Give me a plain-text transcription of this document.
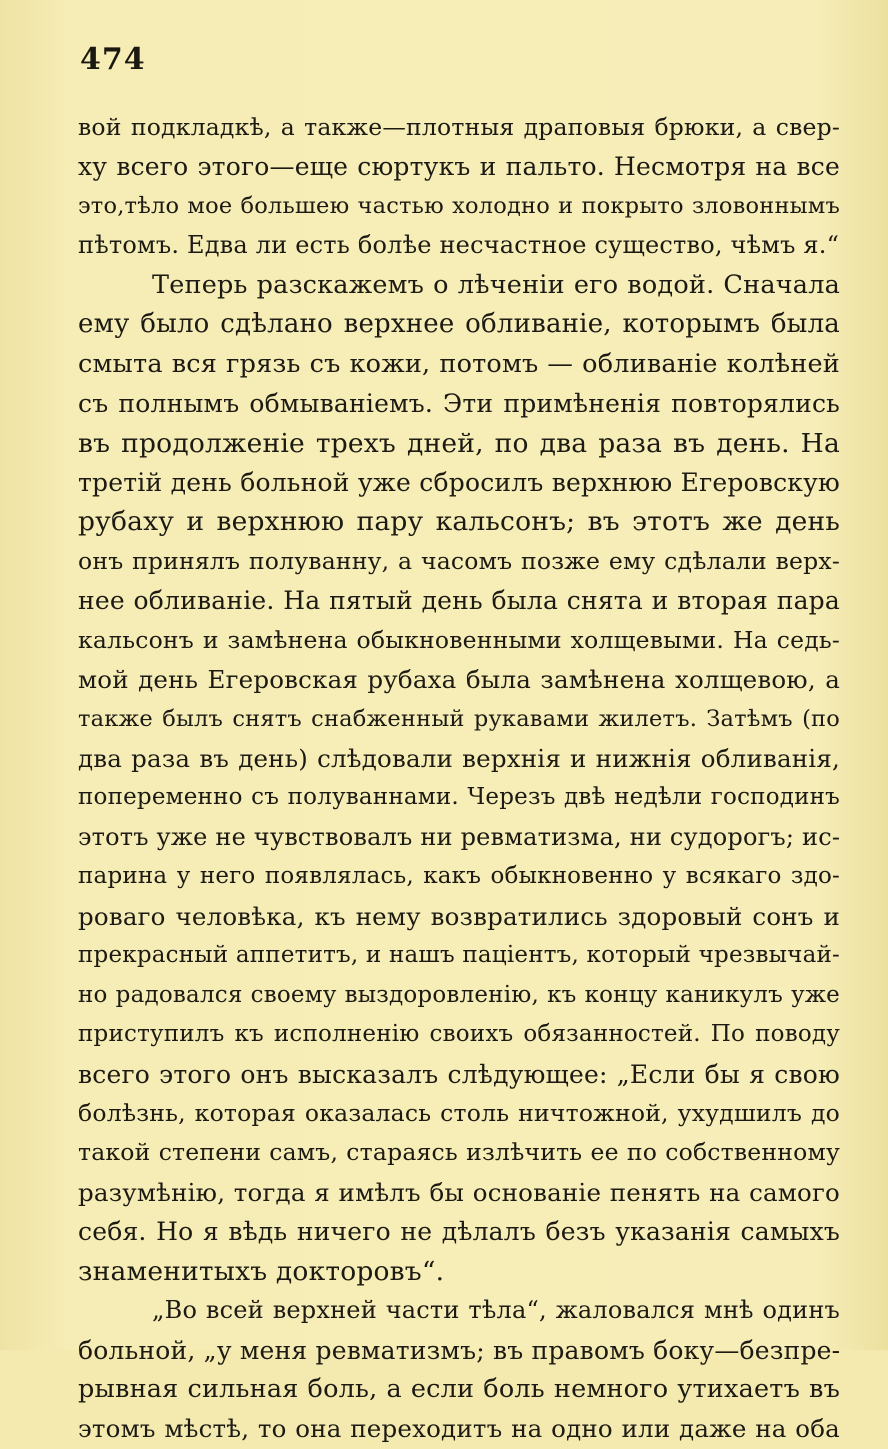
474
вой подкладкѣ, а также—плотныя драповыя брюки, а свер-
ху всего этого—еще сюртукъ и пальто. Несмотря на все
это,тѣло мое большею частью холодно и покрыто зловоннымъ
пѣтомъ. Едва ли есть болѣе несчастное существо, чѣмъ я.“
Теперь разскажемъ о лѣченіи его водой. Сначала
ему было сдѣлано верхнее обливаніе, которымъ была
смыта вся грязь съ кожи, потомъ — обливаніе колѣней
съ полнымъ обмываніемъ. Эти примѣненія повторялись
въ продолженіе трехъ дней, по два раза въ день. На
третій день больной уже сбросилъ верхнюю Егеровскую
рубаху и верхнюю пару кальсонъ; въ этотъ же день
онъ принялъ полуванну, а часомъ позже ему сдѣлали верх-
нее обливаніе. На пятый день была снята и вторая пара
кальсонъ и замѣнена обыкновенными холщевыми. На седь-
мой день Егеровская рубаха была замѣнена холщевою, а
также былъ снятъ снабженный рукавами жилетъ. Затѣмъ (по
два раза въ день) слѣдовали верхнія и нижнія обливанія,
попеременно съ полуваннами. Черезъ двѣ недѣли господинъ
этотъ уже не чувствовалъ ни ревматизма, ни судорогъ; ис-
парина у него появлялась, какъ обыкновенно у всякаго здо-
роваго человѣка, къ нему возвратились здоровый сонъ и
прекрасный аппетитъ, и нашъ паціентъ, который чрезвычай-
но радовался своему выздоровленію, къ концу каникулъ уже
приступилъ къ исполненію своихъ обязанностей. По поводу
всего этого онъ высказалъ слѣдующее: „Если бы я свою
болѣзнь, которая оказалась столь ничтожной, ухудшилъ до
такой степени самъ, стараясь излѣчить ее по собственному
разумѣнію, тогда я имѣлъ бы основаніе пенять на самого
себя. Но я вѣдь ничего не дѣлалъ безъ указанія самыхъ
знаменитыхъ докторовъ“.
„Во всей верхней части тѣла“, жаловался мнѣ одинъ
больной, „у меня ревматизмъ; въ правомъ боку—безпре-
рывная сильная боль, а если боль немного утихаетъ въ
этомъ мѣстѣ, то она переходитъ на одно или даже на оба
